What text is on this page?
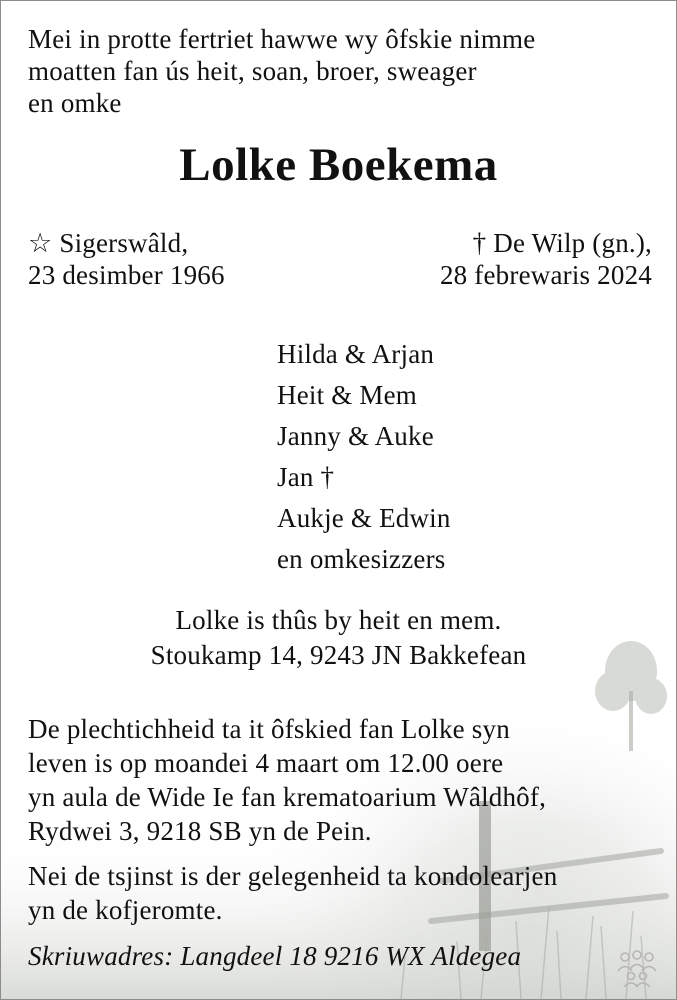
Mei in protte fertriet hawwe wy ôfskie nimme
moatten fan ús heit, soan, broer, sweager
en omke
Lolke Boekema
☆ Sigerswâld,
23 desimber 1966
† De Wilp (gn.),
28 febrewaris 2024
Hilda & Arjan
Heit & Mem
Janny & Auke
Jan †
Aukje & Edwin
en omkesizzers
Lolke is thûs by heit en mem.
Stoukamp 14, 9243 JN Bakkefean
De plechtichheid ta it ôfskied fan Lolke syn
leven is op moandei 4 maart om 12.00 oere
yn aula de Wide Ie fan krematoarium Wâldhôf,
Rydwei 3, 9218 SB yn de Pein.
Nei de tsjinst is der gelegenheid ta kondolearjen
yn de kofjeromte.
Skriuwadres: Langdeel 18 9216 WX Aldegea
